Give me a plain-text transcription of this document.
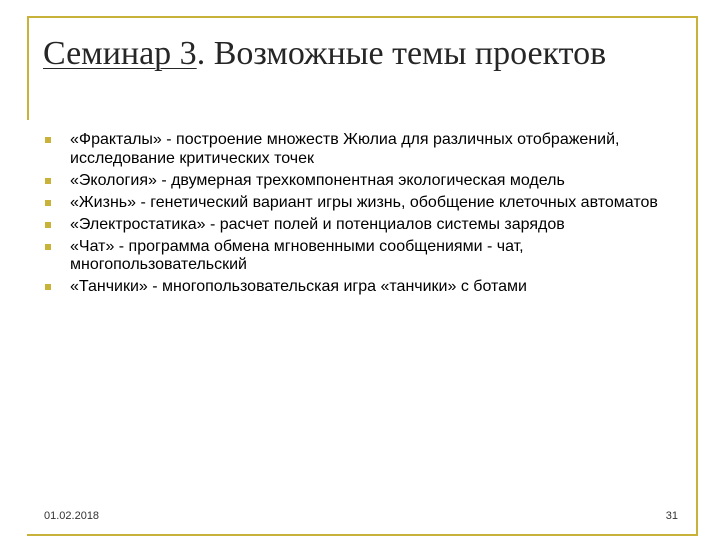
Семинар 3. Возможные темы проектов
«Фракталы» - построение множеств Жюлиа для различных отображений, исследование критических точек
«Экология» - двумерная трехкомпонентная экологическая модель
«Жизнь» - генетический вариант игры жизнь, обобщение клеточных автоматов
«Электростатика» - расчет полей и потенциалов системы зарядов
«Чат» - программа обмена мгновенными сообщениями - чат, многопользовательский
«Танчики» - многопользовательская игра «танчики» с ботами
01.02.2018	31
